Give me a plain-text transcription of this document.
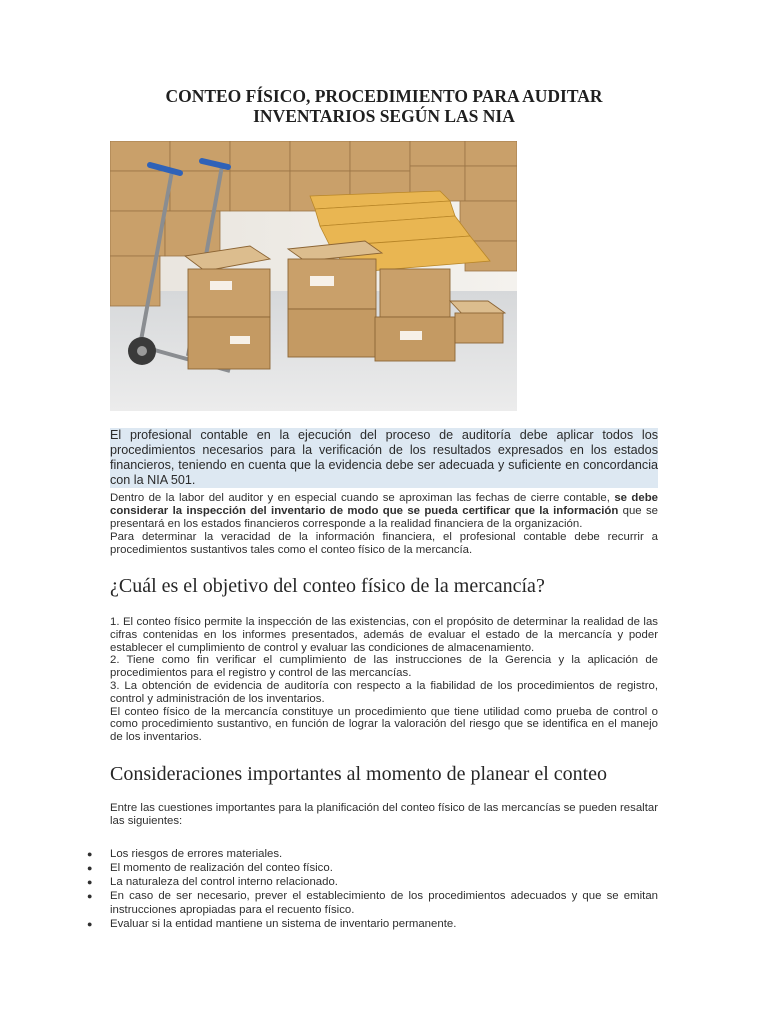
CONTEO FÍSICO, PROCEDIMIENTO PARA AUDITAR
INVENTARIOS SEGÚN LAS NIA
El profesional contable en la ejecución del proceso de auditoría debe aplicar todos los procedimientos necesarios para la verificación de los resultados expresados en los estados financieros, teniendo en cuenta que la evidencia debe ser adecuada y suficiente en concordancia con la NIA 501.
Dentro de la labor del auditor y en especial cuando se aproximan las fechas de cierre contable, se debe considerar la inspección del inventario de modo que se pueda certificar que la información que se presentará en los estados financieros corresponde a la realidad financiera de la organización.
Para determinar la veracidad de la información financiera, el profesional contable debe recurrir a procedimientos sustantivos tales como el conteo físico de la mercancía.
¿Cuál es el objetivo del conteo físico de la mercancía?
1. El conteo físico permite la inspección de las existencias, con el propósito de determinar la realidad de las cifras contenidas en los informes presentados, además de evaluar el estado de la mercancía y poder establecer el cumplimiento de control y evaluar las condiciones de almacenamiento.
2. Tiene como fin verificar el cumplimiento de las instrucciones de la Gerencia y la aplicación de procedimientos para el registro y control de las mercancías.
3. La obtención de evidencia de auditoría con respecto a la fiabilidad de los procedimientos de registro, control y administración de los inventarios.
El conteo físico de la mercancía constituye un procedimiento que tiene utilidad como prueba de control o como procedimiento sustantivo, en función de lograr la valoración del riesgo que se identifica en el manejo de los inventarios.
Consideraciones importantes al momento de planear el conteo
Entre las cuestiones importantes para la planificación del conteo físico de las mercancías se pueden resaltar las siguientes:
● Los riesgos de errores materiales.
● El momento de realización del conteo físico.
● La naturaleza del control interno relacionado.
● En caso de ser necesario, prever el establecimiento de los procedimientos adecuados y que se emitan instrucciones apropiadas para el recuento físico.
● Evaluar si la entidad mantiene un sistema de inventario permanente.
